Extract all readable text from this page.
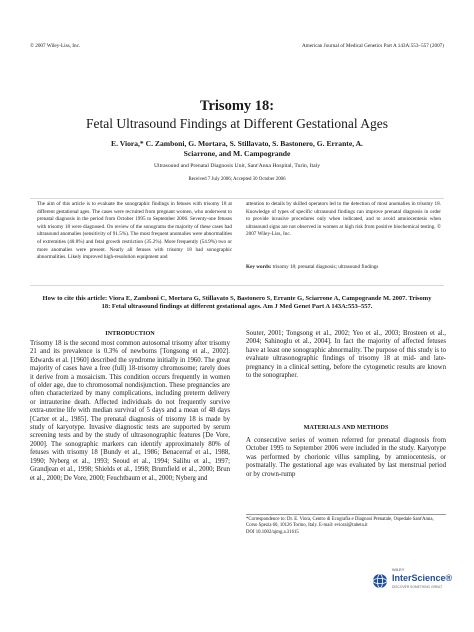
© 2007 Wiley-Liss, Inc.	American Journal of Medical Genetics Part A 143A:553–557 (2007)
Trisomy 18:
Fetal Ultrasound Findings at Different Gestational Ages
E. Viora,* C. Zamboni, G. Mortara, S. Stillavato, S. Bastonero, G. Errante, A. Sciarrone, and M. Campogrande
Ultrasound and Prenatal Diagnosis Unit, Sant'Anna Hospital, Turin, Italy
Received 7 July 2006; Accepted 30 October 2006
The aim of this article is to evaluate the sonographic findings in fetuses with trisomy 18 at different gestational ages. The cases were recruited from pregnant women, who underwent to prenatal diagnosis in the period from October 1995 to September 2006. Seventy-one fetuses with trisomy 18 were diagnosed. On review of the sonograms the majority of these cases had ultrasound anomalies (sensitivity of 91.5%). The most frequent anomalies were abnormalities of extremities (40.8%) and fetal growth restriction (35.2%). More frequently (54.9%) two or more anomalies were present. Nearly all fetuses with trisomy 18 had sonographic abnormalities. Likely improved high-resolution equipment and
attention to details by skilled operators led to the detection of most anomalies in trisomy 18. Knowledge of types of specific ultrasound findings can improve prenatal diagnosis in order to provide invasive procedures only when indicated, and to avoid amniocentesis when ultrasound signs are not observed in women at high risk from positive biochemical testing. © 2007 Wiley-Liss, Inc.
Key words: trisomy 18; prenatal diagnosis; ultrasound findings
How to cite this article: Viora E, Zamboni C, Mortara G, Stillavato S, Bastonero S, Errante G, Sciarrone A, Campogrande M. 2007. Trisomy 18: Fetal ultrasound findings at different gestational ages. Am J Med Genet Part A 143A:553–557.
INTRODUCTION
Trisomy 18 is the second most common autosomal trisomy after trisomy 21 and its prevalence is 0.3% of newborns [Tongsong et al., 2002]. Edwards et al. [1960] described the syndrome initially in 1960. The great majority of cases have a free (full) 18-trisomy chromosome; rarely does it derive from a mosaicism. This condition occurs frequently in women of older age, due to chromosomal nondisjunction. These pregnancies are often characterized by many complications, including preterm delivery or intrauterine death. Affected individuals do not frequently survive extra-uterine life with median survival of 5 days and a mean of 48 days [Carter et al., 1985]. The prenatal diagnosis of trisomy 18 is made by study of karyotype. Invasive diagnostic tests are supported by serum screening tests and by the study of ultrasonographic features [De Vore, 2000]. The sonographic markers can identify approximately 80% of fetuses with trisomy 18 [Bundy et al., 1986; Benacerraf et al., 1988, 1990; Nyberg et al., 1993; Seoud et al., 1994; Salihu et al., 1997; Grandjean et al., 1998; Shields et al., 1998; Brumfield et al., 2000; Brun et al., 2000; De Vore, 2000; Feuchtbaum et al., 2000; Nyberg and
Souter, 2001; Tongsong et al., 2002; Yeo et al., 2003; Brosteen et al., 2004; Sahinoglu et al., 2004]. In fact the majority of affected fetuses have at least one sonographic abnormality. The purpose of this study is to evaluate ultrasonographic findings of trisomy 18 at mid- and late-pregnancy in a clinical setting, before the cytogenetic results are known to the sonographer.
MATERIALS AND METHODS
A consecutive series of women referred for prenatal diagnosis from October 1995 to September 2006 were included in the study. Karyotype was performed by chorionic villus sampling, by amniocentesis, or postnatally. The gestational age was evaluated by last menstrual period or by crown-rump
*Correspondence to: Dr. E. Viora, Centro di Ecografia e Diagnosi Prenatale, Ospedale Sant'Anna, Corso Spezia 60, 10126 Torino, Italy. E-mail: evioral@tabeta.it
DOI 10.1002/ajmg.a.31615
WILEY
InterScience®
DISCOVER SOMETHING GREAT
